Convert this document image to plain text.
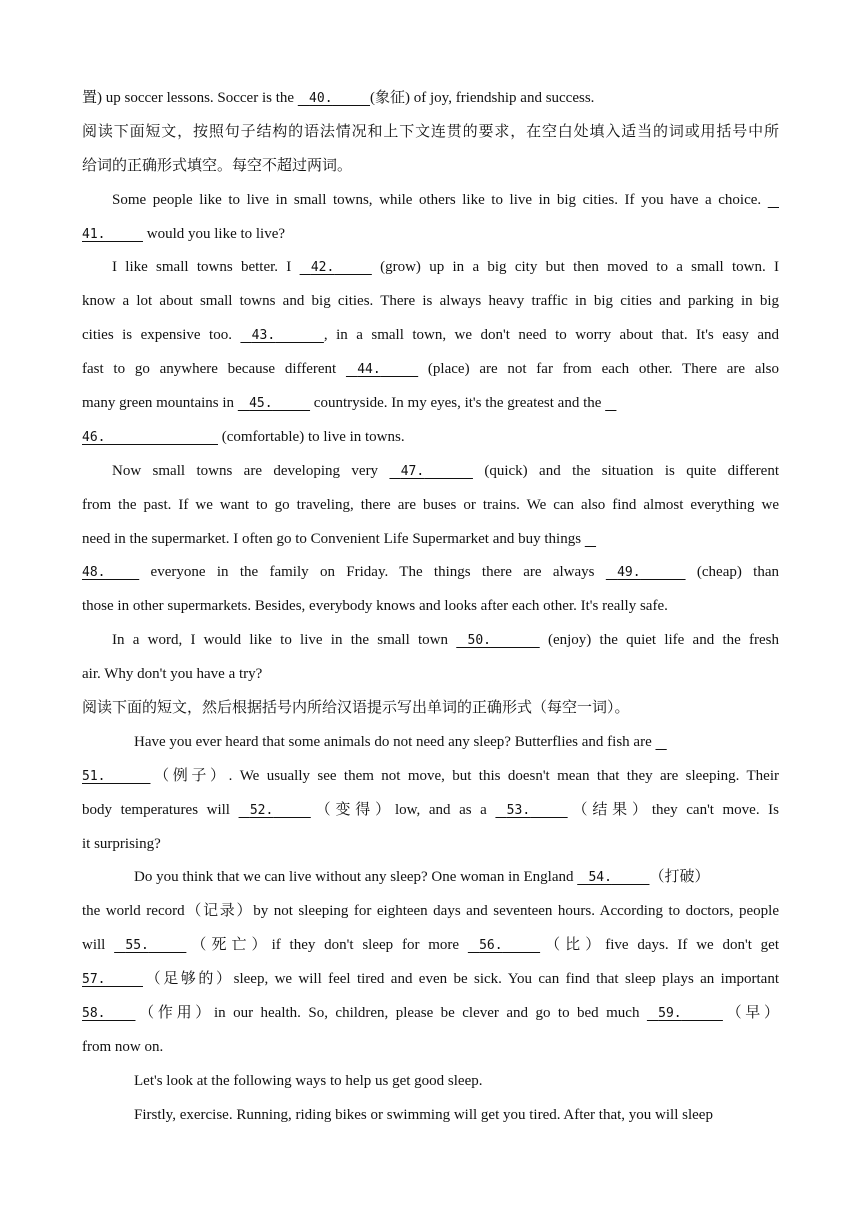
置) up soccer lessons. Soccer is the    40.	(象征) of joy, friendship and success.
阅读下面短文，按照句子结构的语法情况和上下文连贯的要求，在空白处填入适当的词或用括号中所
给词的正确形式填空。每空不超过两词。
Some people like to live in small towns, while others like to live in big cities. If you have a choice.
41.	would you like to live?
I like small towns better. I    42.	(grow) up in a big city but then moved to a small town. I
know a lot about small towns and big cities. There is always heavy traffic in big cities and parking in big
cities is expensive too.    43.	, in a small town, we don't need to worry about that. It's easy and
fast to go anywhere because different    44.	(place) are not far from each other. There are also
many green mountains in    45.	countryside. In my eyes, it's the greatest and the
46.	(comfortable) to live in towns.
Now small towns are developing very    47.	(quick) and the situation is quite different
from the past. If we want to go traveling, there are buses or trains. We can also find almost everything we
need in the supermarket. I often go to Convenient Life Supermarket and buy things
48.          everyone in the family on Friday. The things there are always    49.	(cheap) than
those in other supermarkets. Besides, everybody knows and looks after each other. It's really safe.
In a word, I would like to live in the small town    50.	(enjoy) the quiet life and the fresh
air. Why don't you have a try?
阅读下面的短文，然后根据括号内所给汉语提示写出单词的正确形式（每空一词）。
Have you ever heard that some animals do not need any sleep? Butterflies and fish are
51.	（例子）. We usually see them not move, but this doesn't mean that they are sleeping. Their
body temperatures will    52.	（变得）low, and as a    53.	（结果）they can't move. Is
it surprising?
Do you think that we can live without any sleep? One woman in England    54.	（打破）
the world record（记录）by not sleeping for eighteen days and seventeen hours. According to doctors, people
will    55.	（死亡）if they don't sleep for more    56.	（比）five days. If we don't get
57.	（足够的）sleep, we will feel tired and even be sick. You can find that sleep plays an important
58. （作用）in our health. So, children, please be clever and go to bed much    59.	（早）
from now on.
Let's look at the following ways to help us get good sleep.
Firstly, exercise. Running, riding bikes or swimming will get you tired. After that, you will sleep
